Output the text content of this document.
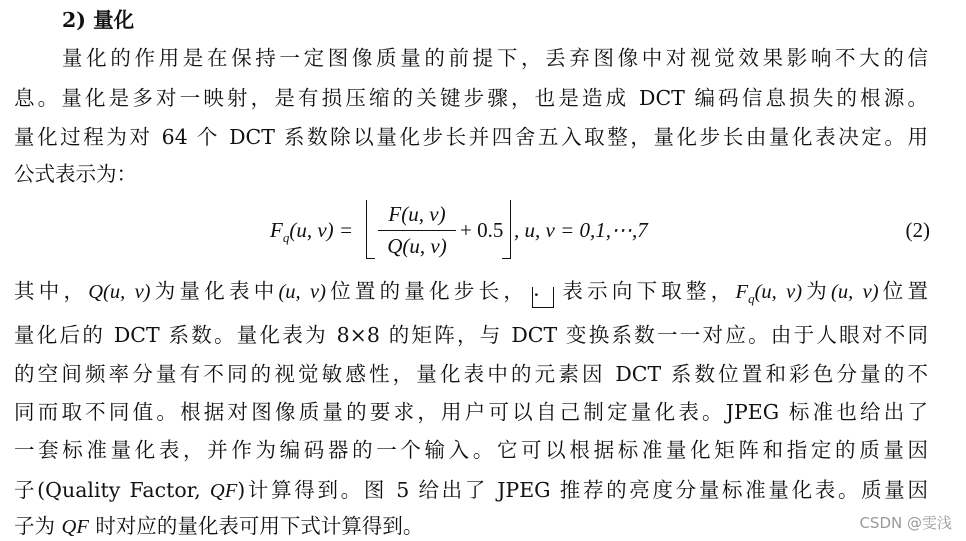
2) 量化
量化的作用是在保持一定图像质量的前提下，丢弃图像中对视觉效果影响不大的信
息。量化是多对一映射，是有损压缩的关键步骤，也是造成 DCT 编码信息损失的根源。
量化过程为对 64 个 DCT 系数除以量化步长并四舍五入取整，量化步长由量化表决定。用
公式表示为：
$F_q(u$, $v) = \frac{F(u, v)}{Q(u, v)} + 0.5$ , u, v = 0,1,⋯,7	(2)
其中，Q(u, v)为量化表中(u, v)位置的量化步长， · 表示向下取整，$F_q(u$, v)为(u, v)位置
量化后的 DCT 系数。量化表为 8×8 的矩阵，与 DCT 变换系数一一对应。由于人眼对不同
的空间频率分量有不同的视觉敏感性，量化表中的元素因 DCT 系数位置和彩色分量的不
同而取不同值。根据对图像质量的要求，用户可以自己制定量化表。JPEG 标准也给出了
一套标准量化表，并作为编码器的一个输入。它可以根据标准量化矩阵和指定的质量因
子(Quality Factor, QF)计算得到。图 5 给出了 JPEG 推荐的亮度分量标准量化表。质量因
子为 QF 时对应的量化表可用下式计算得到。	CSDN @雯浅
